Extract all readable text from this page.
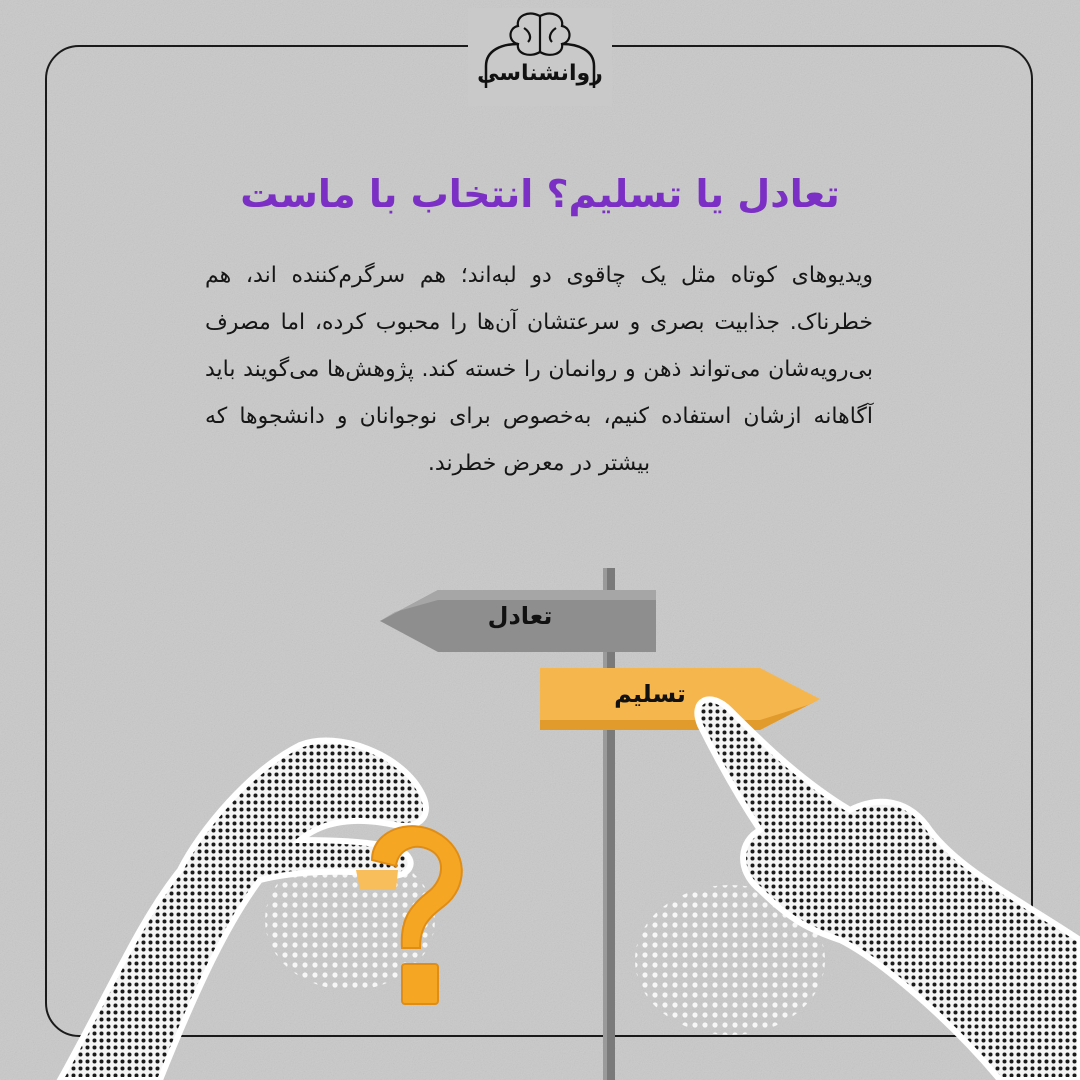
روانشناسی
تعادل یا تسلیم؟ انتخاب با ماست

ویدیوهای کوتاه مثل یک چاقوی دو لبه‌اند؛ هم سرگرم‌کننده اند، هم خطرناک. جذابیت بصری و سرعتشان آن‌ها را محبوب کرده، اما مصرف بی‌رویه‌شان می‌تواند ذهن و روانمان را خسته کند. پژوهش‌ها می‌گویند باید آگاهانه ازشان استفاده کنیم، به‌خصوص برای نوجوانان و دانشجوها که بیشتر در معرض خطرند.

تعادل
تسلیم
